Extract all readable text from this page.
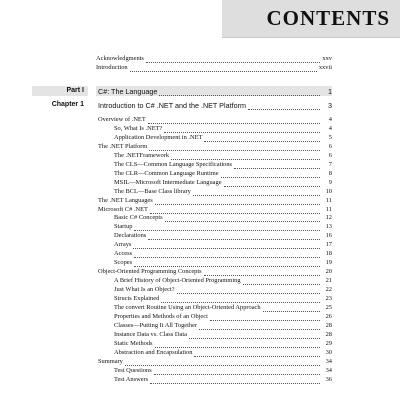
CONTENTS
Acknowledgments	xxv
Introduction	xxvii
Part I	C#: The Language	1
Chapter 1	Introduction to C# .NET and the .NET Platform	3
Overview of .NET	4
So, What Is .NET?	4
Application Development in .NET	5
The .NET Platform	6
The .NETFramework	6
The CLS—Common Language Specifications	7
The CLR—Common Language Runtime	8
MSIL—Microsoft Intermediate Language	9
The BCL—Base Class library	10
The .NET Languages	11
Microsoft C# .NET	11
Basic C# Concepts	12
Startup	13
Declarations	16
Arrays	17
Access	18
Scopes	19
Object-Oriented Programming Concepts	20
A Brief History of Object-Oriented Programming	21
Just What Is an Object?	22
Structs Explained	23
The convert Routine Using an Object-Oriented Approach	25
Properties and Methods of an Object	26
Classes—Putting It All Together	28
Instance Data vs. Class Data	28
Static Methods	29
Abstraction and Encapsulation	30
Summary	34
Test Questions	34
Test Answers	36
